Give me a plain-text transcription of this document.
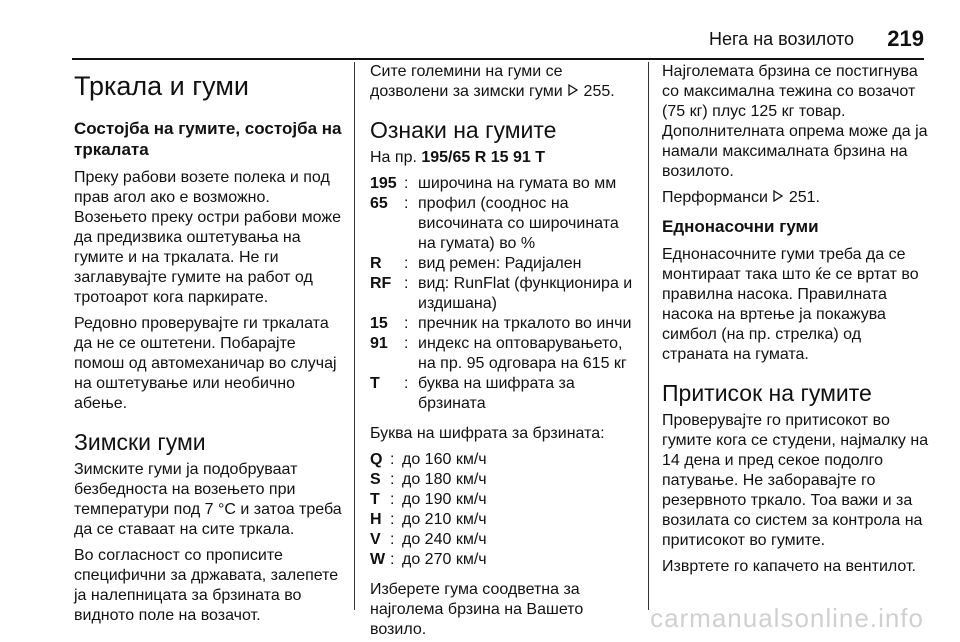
Нега на возилото 219
Тркала и гуми
Состојба на гумите, состојба на тркалата

Преку рабови возете полека и под прав агол ако е возможно. Возењето преку остри рабови може да предизвика оштетувања на гумите и на тркалата. Не ги заглавувајте гумите на работ од тротоарот кога паркирате.

Редовно проверувајте ги тркалата да не се оштетени. Побарајте помош од автомеханичар во случај на оштетување или необично абење.

Зимски гуми

Зимските гуми ја подобруваат безбедноста на возењето при температури под 7 °C и затоа треба да се ставаат на сите тркала.

Во согласност со прописите специфични за државата, залепете ја налепницата за брзината во видното поле на возачот.

Сите големини на гуми се дозволени за зимски гуми 255.

Ознаки на гумите

На пр. 195/65 R 15 91 T

195	:	широчина на гумата во мм
65	:	профил (сооднос на височината со широчината на гумата) во %
R	:	вид ремен: Радијален
RF	:	вид: RunFlat (функционира и издишана)
15	:	пречник на тркалото во инчи
91	:	индекс на оптоварувањето, на пр. 95 одговара на 615 кг
T	:	буква на шифрата за брзината

Буква на шифрата за брзината:

Q	:	до 160 км/ч
S	:	до 180 км/ч
T	:	до 190 км/ч
H	:	до 210 км/ч
V	:	до 240 км/ч
W	:	до 270 км/ч

Изберете гума соодветна за најголема брзина на Вашето возило.

Најголемата брзина се постигнува со максимална тежина со возачот (75 кг) плус 125 кг товар. Дополнителната опрема може да ја намали максималната брзина на возилото.

Перформанси 251.

Еднонасочни гуми

Еднонасочните гуми треба да се монтираат така што ќе се вртат во правилна насока. Правилната насока на вртење ја покажува симбол (на пр. стрелка) од страната на гумата.

Притисок на гумите

Проверувајте го притисокот во гумите кога се студени, најмалку на 14 дена и пред секое подолго патување. Не заборавајте го резервното тркало. Тоа важи и за возилата со систем за контрола на притисокот во гумите.

Извртете го капачето на вентилот.

carmanualsonline.info
